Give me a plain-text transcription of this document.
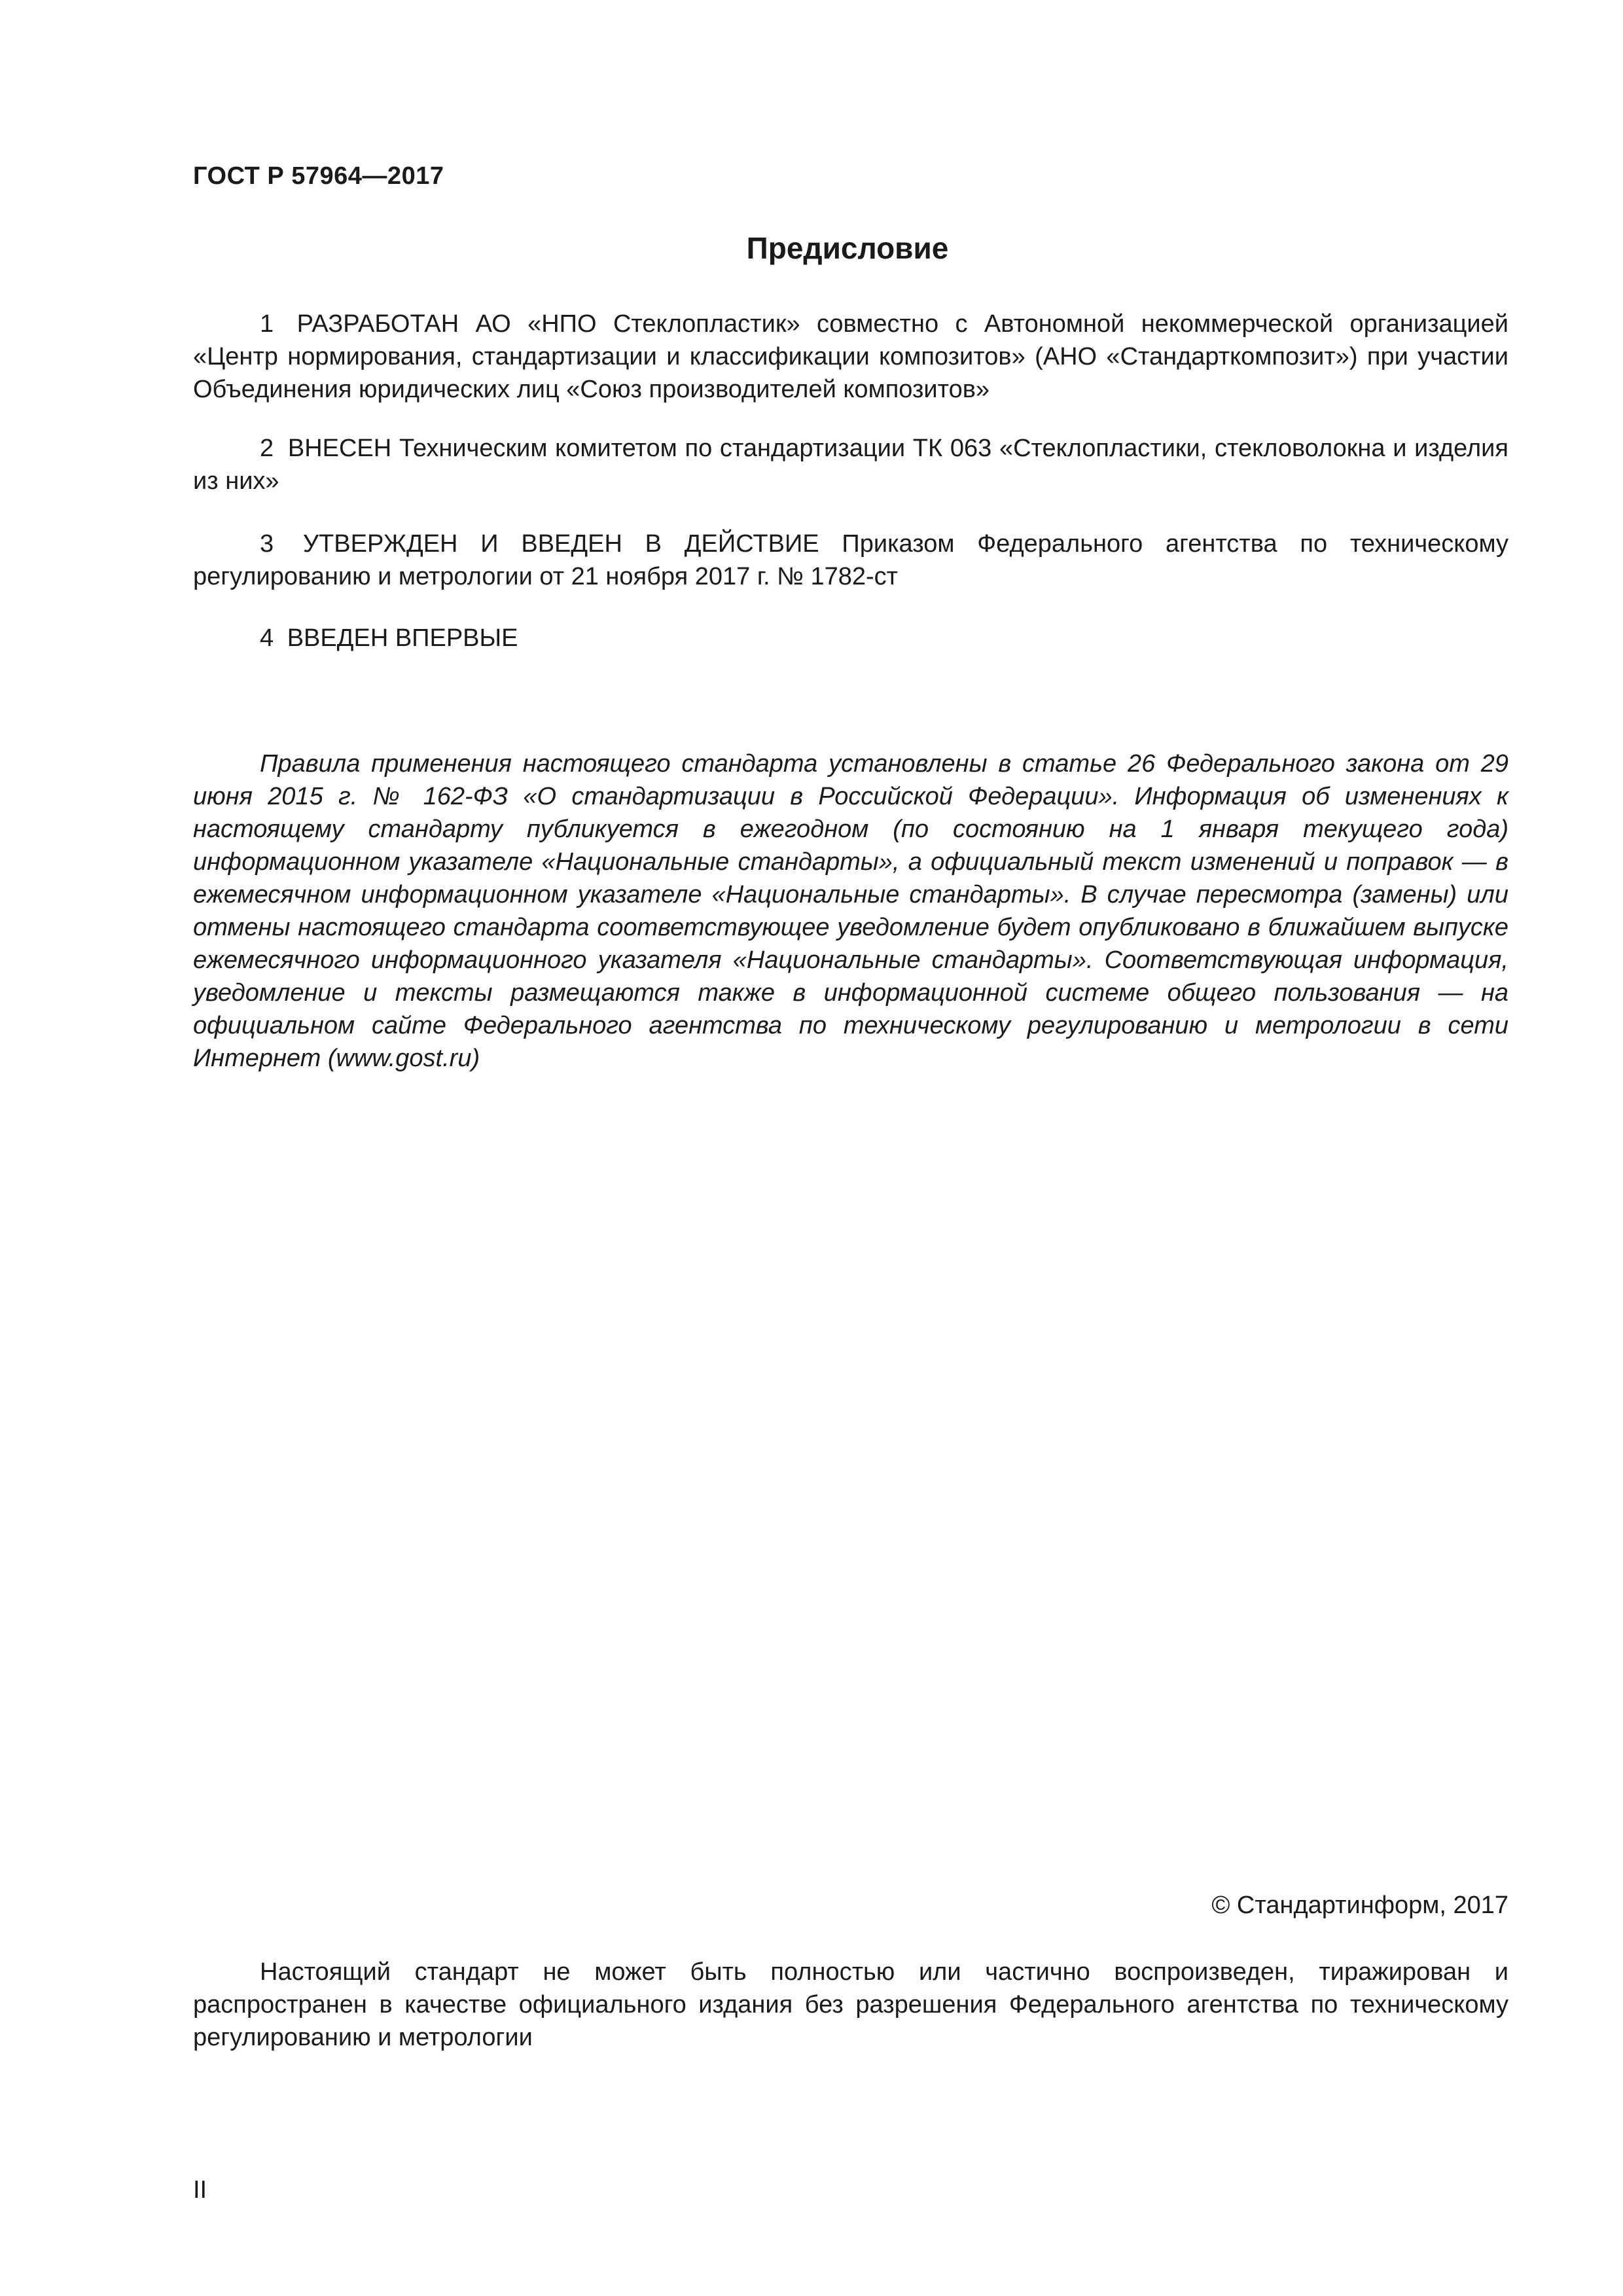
ГОСТ Р 57964—2017
Предисловие

1 РАЗРАБОТАН АО «НПО Стеклопластик» совместно с Автономной некоммерческой организацией «Центр нормирования, стандартизации и классификации композитов» (АНО «Стандарткомпозит») при участии Объединения юридических лиц «Союз производителей композитов»

2 ВНЕСЕН Техническим комитетом по стандартизации ТК 063 «Стеклопластики, стекловолокна и изделия из них»

3 УТВЕРЖДЕН И ВВЕДЕН В ДЕЙСТВИЕ Приказом Федерального агентства по техническому регулированию и метрологии от 21 ноября 2017 г. № 1782-ст

4 ВВЕДЕН ВПЕРВЫЕ

Правила применения настоящего стандарта установлены в статье 26 Федерального закона от 29 июня 2015 г. № 162-ФЗ «О стандартизации в Российской Федерации». Информация об изменениях к настоящему стандарту публикуется в ежегодном (по состоянию на 1 января текущего года) информационном указателе «Национальные стандарты», а официальный текст изменений и поправок — в ежемесячном информационном указателе «Национальные стандарты». В случае пересмотра (замены) или отмены настоящего стандарта соответствующее уведомление будет опубликовано в ближайшем выпуске ежемесячного информационного указателя «Национальные стандарты». Соответствующая информация, уведомление и тексты размещаются также в информационной системе общего пользования — на официальном сайте Федерального агентства по техническому регулированию и метрологии в сети Интернет (www.gost.ru)

© Стандартинформ, 2017

Настоящий стандарт не может быть полностью или частично воспроизведен, тиражирован и распространен в качестве официального издания без разрешения Федерального агентства по техническому регулированию и метрологии

II
